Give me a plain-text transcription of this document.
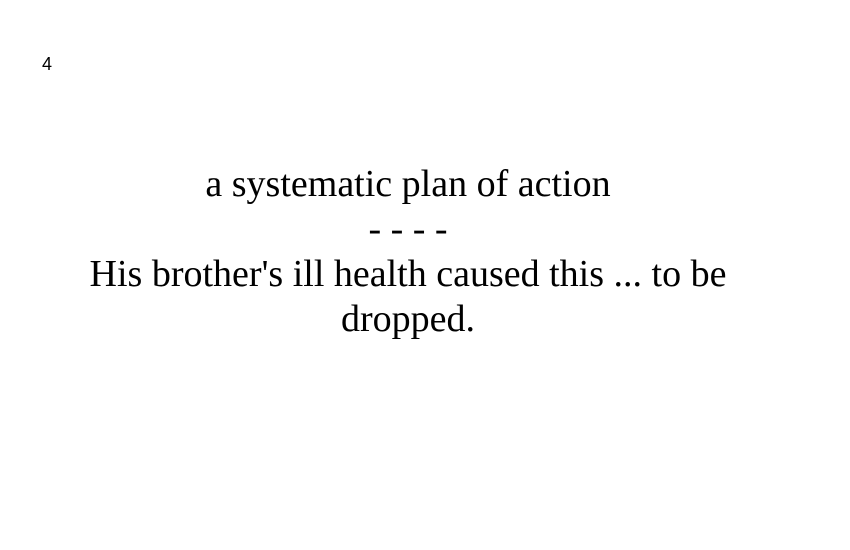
4
a systematic plan of action
- - - -
His brother's ill health caused this ... to be dropped.
